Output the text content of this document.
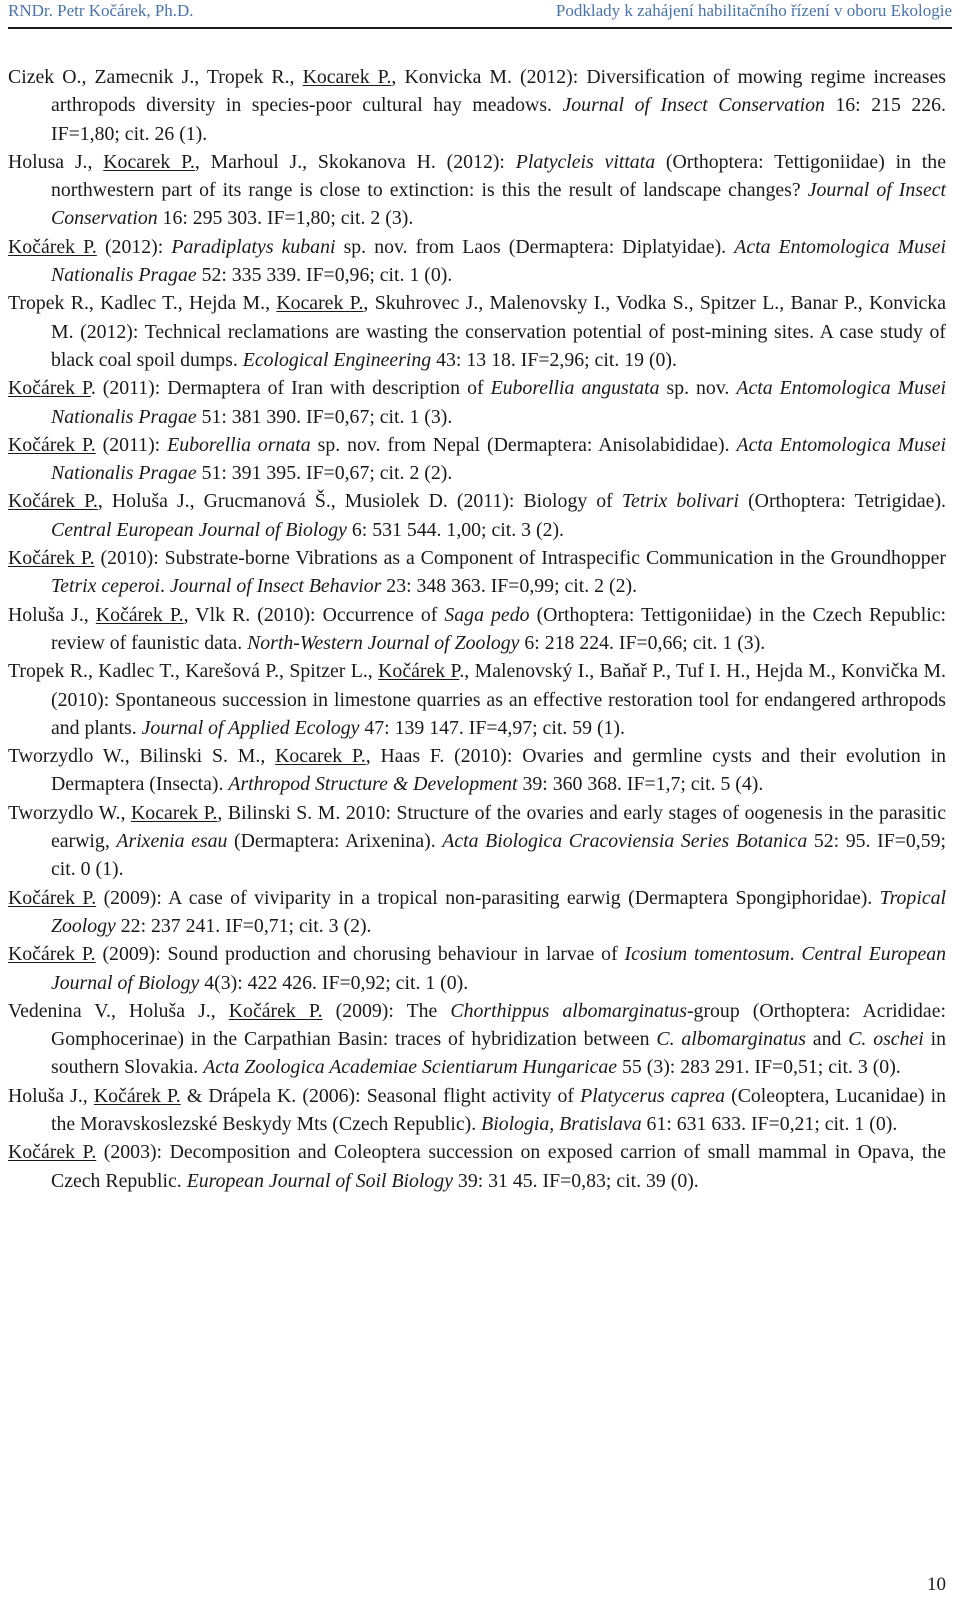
RNDr. Petr Kočárek, Ph.D.	Podklady k zahájení habilitačního řízení v oboru Ekologie
Cizek O., Zamecnik J., Tropek R., Kocarek P., Konvicka M. (2012): Diversification of mowing regime increases arthropods diversity in species-poor cultural hay meadows. Journal of Insect Conservation 16: 215 226. IF=1,80; cit. 26 (1).
Holusa J., Kocarek P., Marhoul J., Skokanova H. (2012): Platycleis vittata (Orthoptera: Tettigoniidae) in the northwestern part of its range is close to extinction: is this the result of landscape changes? Journal of Insect Conservation 16: 295 303. IF=1,80; cit. 2 (3).
Kočárek P. (2012): Paradiplatys kubani sp. nov. from Laos (Dermaptera: Diplatyidae). Acta Entomologica Musei Nationalis Pragae 52: 335 339. IF=0,96; cit. 1 (0).
Tropek R., Kadlec T., Hejda M., Kocarek P., Skuhrovec J., Malenovsky I., Vodka S., Spitzer L., Banar P., Konvicka M. (2012): Technical reclamations are wasting the conservation potential of post-mining sites. A case study of black coal spoil dumps. Ecological Engineering 43: 13 18. IF=2,96; cit. 19 (0).
Kočárek P. (2011): Dermaptera of Iran with description of Euborellia angustata sp. nov. Acta Entomologica Musei Nationalis Pragae 51: 381 390. IF=0,67; cit. 1 (3).
Kočárek P. (2011): Euborellia ornata sp. nov. from Nepal (Dermaptera: Anisolabididae). Acta Entomologica Musei Nationalis Pragae 51: 391 395. IF=0,67; cit. 2 (2).
Kočárek P., Holuša J., Grucmanová Š., Musiolek D. (2011): Biology of Tetrix bolivari (Orthoptera: Tetrigidae). Central European Journal of Biology 6: 531 544. 1,00; cit. 3 (2).
Kočárek P. (2010): Substrate-borne Vibrations as a Component of Intraspecific Communication in the Groundhopper Tetrix ceperoi. Journal of Insect Behavior 23: 348 363. IF=0,99; cit. 2 (2).
Holuša J., Kočárek P., Vlk R. (2010): Occurrence of Saga pedo (Orthoptera: Tettigoniidae) in the Czech Republic: review of faunistic data. North-Western Journal of Zoology 6: 218 224. IF=0,66; cit. 1 (3).
Tropek R., Kadlec T., Karešová P., Spitzer L., Kočárek P., Malenovský I., Baňař P., Tuf I. H., Hejda M., Konvička M. (2010): Spontaneous succession in limestone quarries as an effective restoration tool for endangered arthropods and plants. Journal of Applied Ecology 47: 139 147. IF=4,97; cit. 59 (1).
Tworzydlo W., Bilinski S. M., Kocarek P., Haas F. (2010): Ovaries and germline cysts and their evolution in Dermaptera (Insecta). Arthropod Structure & Development 39: 360 368. IF=1,7; cit. 5 (4).
Tworzydlo W., Kocarek P., Bilinski S. M. 2010: Structure of the ovaries and early stages of oogenesis in the parasitic earwig, Arixenia esau (Dermaptera: Arixenina). Acta Biologica Cracoviensia Series Botanica 52: 95. IF=0,59; cit. 0 (1).
Kočárek P. (2009): A case of viviparity in a tropical non-parasiting earwig (Dermaptera Spongiphoridae). Tropical Zoology 22: 237 241. IF=0,71; cit. 3 (2).
Kočárek P. (2009): Sound production and chorusing behaviour in larvae of Icosium tomentosum. Central European Journal of Biology 4(3): 422 426. IF=0,92; cit. 1 (0).
Vedenina V., Holuša J., Kočárek P. (2009): The Chorthippus albomarginatus-group (Orthoptera: Acrididae: Gomphocerinae) in the Carpathian Basin: traces of hybridization between C. albomarginatus and C. oschei in southern Slovakia. Acta Zoologica Academiae Scientiarum Hungaricae 55 (3): 283 291. IF=0,51; cit. 3 (0).
Holuša J., Kočárek P. & Drápela K. (2006): Seasonal flight activity of Platycerus caprea (Coleoptera, Lucanidae) in the Moravskoslezské Beskydy Mts (Czech Republic). Biologia, Bratislava 61: 631 633. IF=0,21; cit. 1 (0).
Kočárek P. (2003): Decomposition and Coleoptera succession on exposed carrion of small mammal in Opava, the Czech Republic. European Journal of Soil Biology 39: 31 45. IF=0,83; cit. 39 (0).
10
